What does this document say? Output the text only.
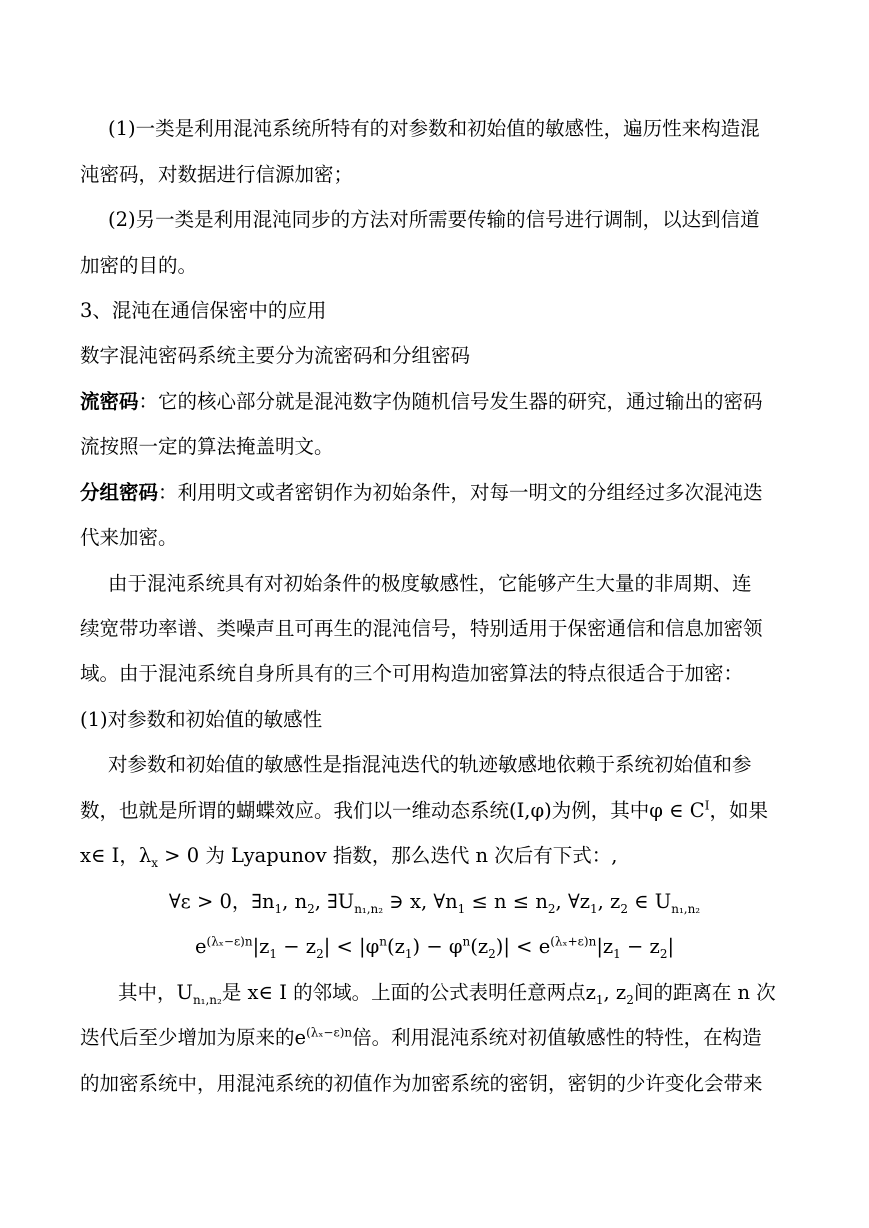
(1)一类是利用混沌系统所特有的对参数和初始值的敏感性，遍历性来构造混
沌密码，对数据进行信源加密；
(2)另一类是利用混沌同步的方法对所需要传输的信号进行调制，以达到信道
加密的目的。
3、混沌在通信保密中的应用
数字混沌密码系统主要分为流密码和分组密码
流密码：它的核心部分就是混沌数字伪随机信号发生器的研究，通过输出的密码
流按照一定的算法掩盖明文。
分组密码：利用明文或者密钥作为初始条件，对每一明文的分组经过多次混沌迭
代来加密。
由于混沌系统具有对初始条件的极度敏感性，它能够产生大量的非周期、连
续宽带功率谱、类噪声且可再生的混沌信号，特别适用于保密通信和信息加密领
域。由于混沌系统自身所具有的三个可用构造加密算法的特点很适合于加密：
(1)对参数和初始值的敏感性
对参数和初始值的敏感性是指混沌迭代的轨迹敏感地依赖于系统初始值和参
数，也就是所谓的蝴蝶效应。我们以一维动态系统(I,φ)为例，其中φ ∈ $C^I$，如果
x∈ I，$\lambda_x > 0$ 为 Lyapunov 指数，那么迭代 n 次后有下式：,
∀ε > 0，$\exists n_1$, $n_2$, $\exists U_{n_1,n_2}$ ∋ x, $\forall n_1 \le n \le n_2$, $\forall z_1$, $z_2$ ∈ $U_{n_1,n_2}$
$e^{(\lambda_x-\varepsilon)n}|z_1 - z_2| < |\varphi^n(z_1) - \varphi^n(z_2)| < e^{(\lambda_x+\varepsilon)n}|z_1 - z_2|$
其中，$U_{n_1,n_2}$是 x∈ I 的邻域。上面的公式表明任意两点$z_1$, $z_2$间的距离在 n 次
迭代后至少增加为原来的$e^{(\lambda_x-\varepsilon)n}$倍。利用混沌系统对初值敏感性的特性，在构造
的加密系统中，用混沌系统的初值作为加密系统的密钥，密钥的少许变化会带来
